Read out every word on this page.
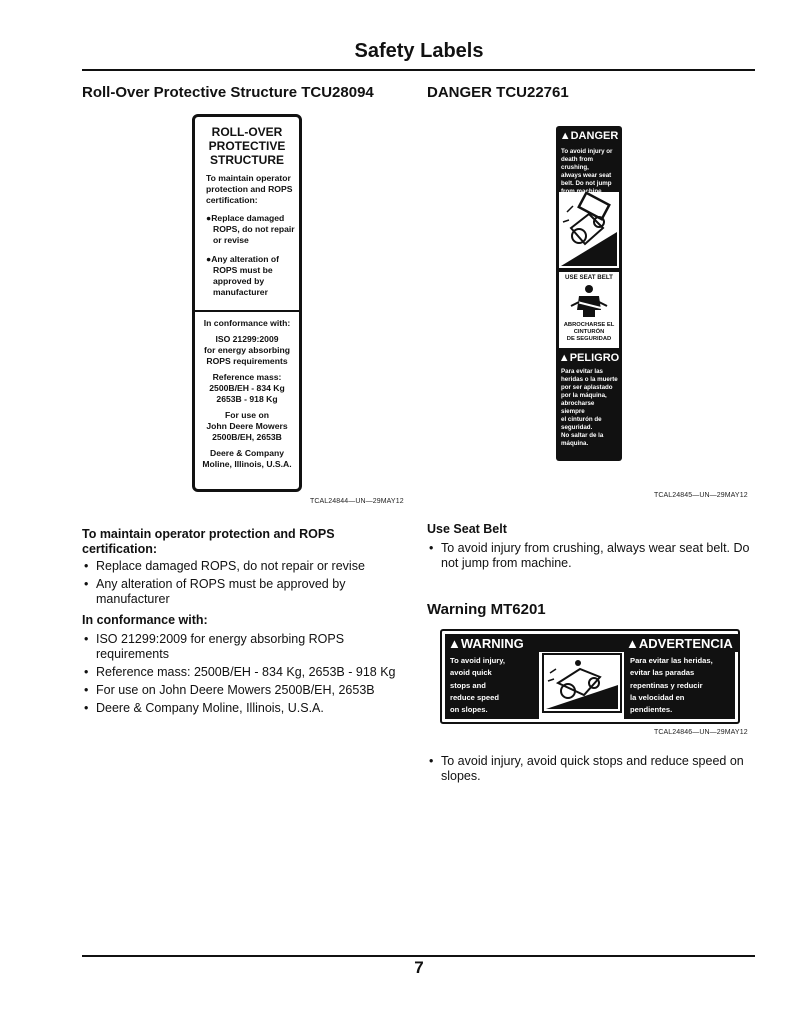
Safety Labels
Roll-Over Protective Structure TCU28094
ROLL-OVER
PROTECTIVE
STRUCTURE
To maintain operator
protection and ROPS
certification:
●Replace damaged
ROPS, do not repair
or revise
●Any alteration of
ROPS must be
approved by
manufacturer
In conformance with:
ISO 21299:2009
for energy absorbing
ROPS requirements
Reference mass:
2500B/EH - 834 Kg
2653B - 918 Kg
For use on
John Deere Mowers
2500B/EH, 2653B
Deere & Company
Moline, Illinois, U.S.A.
TCAL24844—UN—29MAY12
To maintain operator protection and ROPS certification:
• Replace damaged ROPS, do not repair or revise
• Any alteration of ROPS must be approved by manufacturer
In conformance with:
• ISO 21299:2009 for energy absorbing ROPS requirements
• Reference mass: 2500B/EH - 834 Kg, 2653B - 918 Kg
• For use on John Deere Mowers 2500B/EH, 2653B
• Deere & Company Moline, Illinois, U.S.A.
DANGER TCU22761
▲DANGER
To avoid injury or
death from crushing,
always wear seat
belt. Do not jump
USE SEAT BELT
ABROCHARSE EL
CINTURÓN
DE SEGURIDAD
▲PELIGRO
Para evitar las
heridas o la muerte
por ser aplastado
por la máquina,
abrocharse siempre
el cinturón de
seguridad.
No saltar de la
máquina.
TCAL24845—UN—29MAY12
Use Seat Belt
• To avoid injury from crushing, always wear seat belt. Do not jump from machine.
Warning MT6201
▲WARNING	▲ADVERTENCIA
To avoid injury,
avoid quick
stops and
reduce speed
on slopes.
Para evitar las heridas,
evitar las paradas
repentinas y reducir
la velocidad en
pendientes.
TCAL24846—UN—29MAY12
• To avoid injury, avoid quick stops and reduce speed on slopes.
7
